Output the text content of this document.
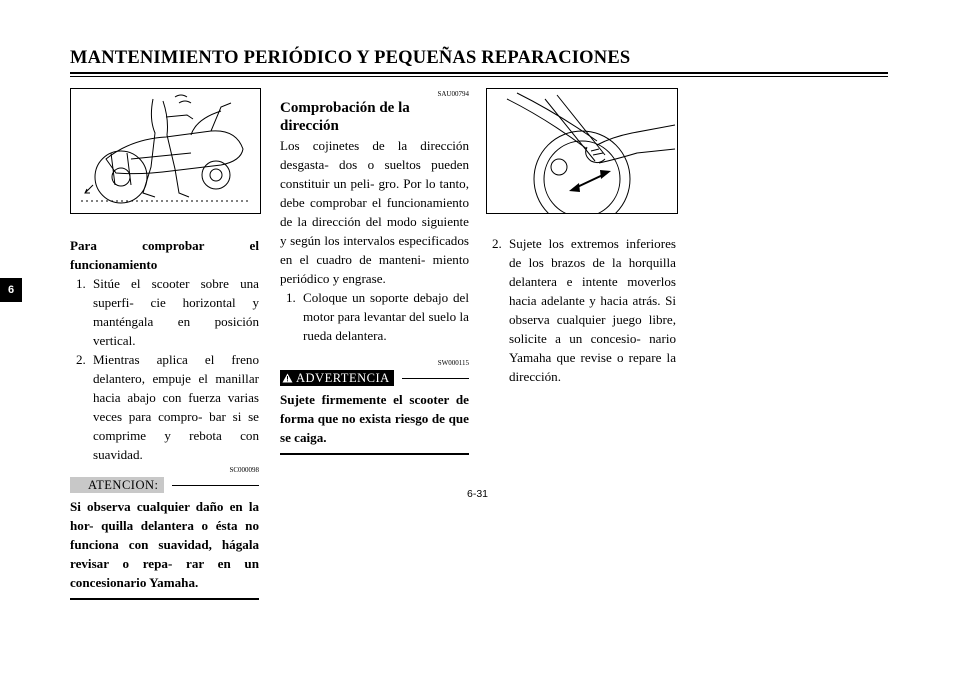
MANTENIMIENTO PERIÓDICO Y PEQUEÑAS REPARACIONES
6

Para comprobar el funcionamiento

1. Sitúe el scooter sobre una superfi- cie horizontal y manténgala en posición vertical.
2. Mientras aplica el freno delantero, empuje el manillar hacia abajo con fuerza varias veces para compro- bar si se comprime y rebota con suavidad.
SC000098
ATENCION:

Si observa cualquier daño en la hor- quilla delantera o ésta no funciona con suavidad, hágala revisar o repa- rar en un concesionario Yamaha.

SAU00794
Comprobación de la dirección

Los cojinetes de la dirección desgasta- dos o sueltos pueden constituir un peli- gro. Por lo tanto, debe comprobar el funcionamiento de la dirección del modo siguiente y según los intervalos especificados en el cuadro de manteni- miento periódico y engrase.

1. Coloque un soporte debajo del motor para levantar del suelo la rueda delantera.
SW000115
ADVERTENCIA

Sujete firmemente el scooter de forma que no exista riesgo de que se caiga.

2. Sujete los extremos inferiores de los brazos de la horquilla delantera e intente moverlos hacia adelante y hacia atrás. Si observa cualquier juego libre, solicite a un concesio- nario Yamaha que revise o repare la dirección.
6-31
